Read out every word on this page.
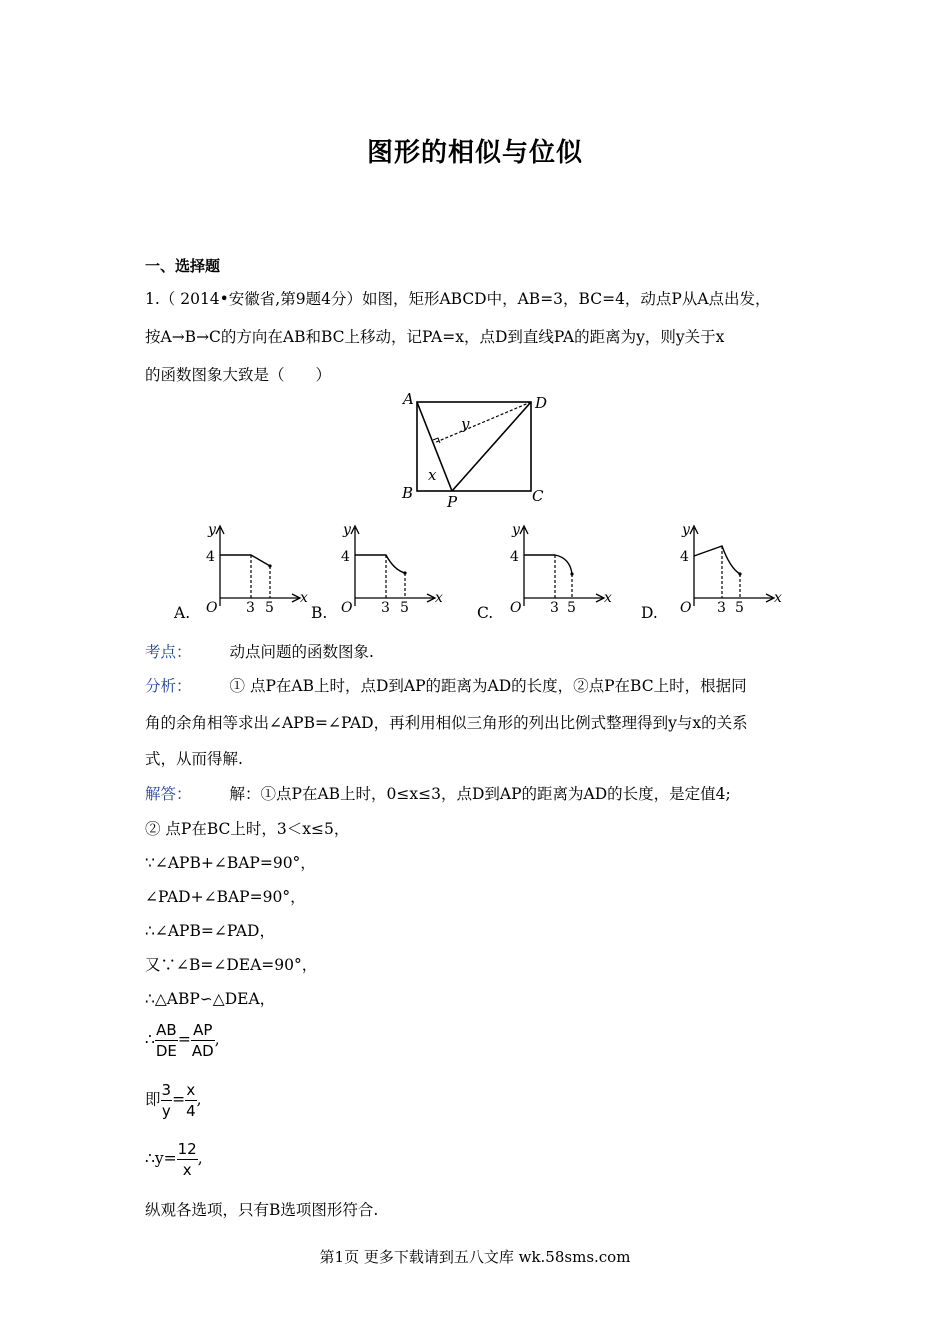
图形的相似与位似
一、选择题
1.（ 2014•安徽省,第9题4分）如图，矩形ABCD中，AB=3，BC=4，动点P从A点出发，
按A→B→C的方向在AB和BC上移动，记PA=x，点D到直线PA的距离为y，则y关于x
的函数图象大致是（　　）
A	D
B P	C
x
y
A.
y
4
O 3 5
x
B.
y
4
O 3 5
x
C.
y
4
O 3 5
x
D.
y
4
O 3 5
x
考点： 动点问题的函数图象.
分析： ① 点P在AB上时，点D到AP的距离为AD的长度，②点P在BC上时，根据同
角的余角相等求出∠APB=∠PAD，再利用相似三角形的列出比例式整理得到y与x的关系
式，从而得解.
解答： 解：①点P在AB上时，0≤x≤3，点D到AP的距离为AD的长度，是定值4;
② 点P在BC上时，3＜x≤5，
∵∠APB+∠BAP=90°，
∠PAD+∠BAP=90°，
∴∠APB=∠PAD，
又∵∠B=∠DEA=90°，
∴△ABP∽△DEA，
∴ $\frac{AB}{DE} = \frac{AP}{AD}$ ,
即 $\frac{3}{y} = \frac{x}{4}$ ,
∴y= $\frac{12}{x}$ ,
纵观各选项，只有B选项图形符合.
第1页 更多下载请到五八文库 wk.58sms.com
